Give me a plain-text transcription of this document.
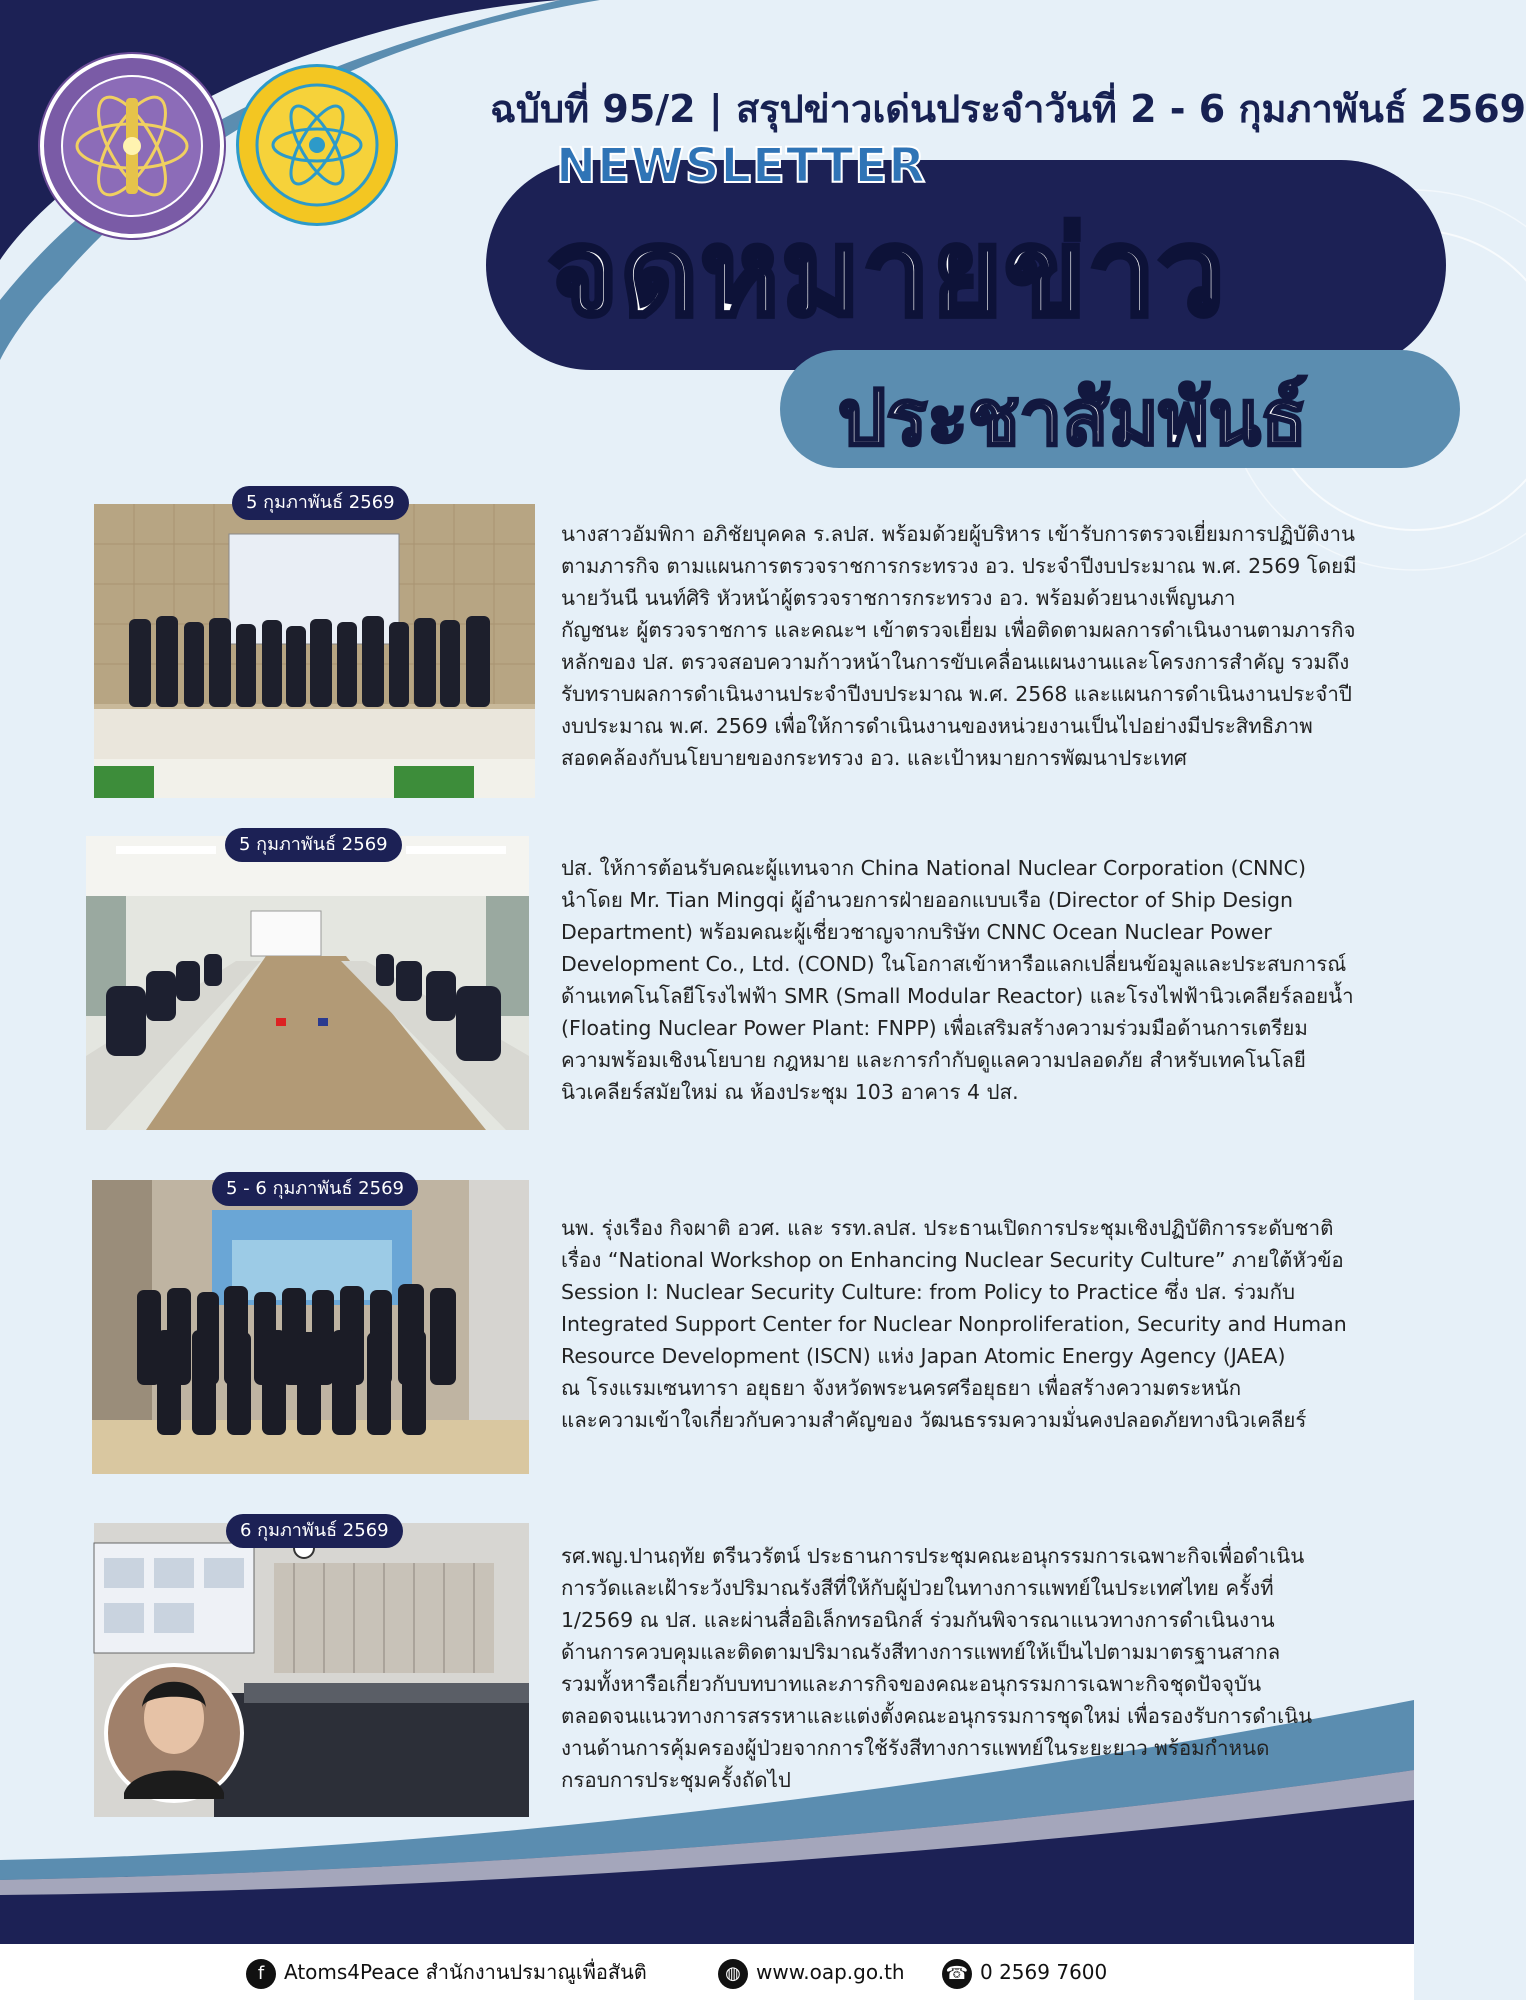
ฉบับที่ 95/2 | สรุปข่าวเด่นประจำวันที่ 2 - 6 กุมภาพันธ์ 2569
NEWSLETTER
จดหมายข่าว
ประชาสัมพันธ์
5 กุมภาพันธ์ 2569
นางสาวอัมพิกา อภิชัยบุคคล ร.ลปส. พร้อมด้วยผู้บริหาร เข้ารับการตรวจเยี่ยมการปฏิบัติงาน
ตามภารกิจ ตามแผนการตรวจราชการกระทรวง อว. ประจำปีงบประมาณ พ.ศ. 2569 โดยมี
นายวันนี นนท์ศิริ หัวหน้าผู้ตรวจราชการกระทรวง อว. พร้อมด้วยนางเพ็ญนภา
กัญชนะ ผู้ตรวจราชการ และคณะฯ เข้าตรวจเยี่ยม เพื่อติดตามผลการดำเนินงานตามภารกิจ
หลักของ ปส. ตรวจสอบความก้าวหน้าในการขับเคลื่อนแผนงานและโครงการสำคัญ รวมถึง
รับทราบผลการดำเนินงานประจำปีงบประมาณ พ.ศ. 2568 และแผนการดำเนินงานประจำปี
งบประมาณ พ.ศ. 2569 เพื่อให้การดำเนินงานของหน่วยงานเป็นไปอย่างมีประสิทธิภาพ
สอดคล้องกับนโยบายของกระทรวง อว. และเป้าหมายการพัฒนาประเทศ
5 กุมภาพันธ์ 2569
ปส. ให้การต้อนรับคณะผู้แทนจาก China National Nuclear Corporation (CNNC)
นำโดย Mr. Tian Mingqi ผู้อำนวยการฝ่ายออกแบบเรือ (Director of Ship Design
Department) พร้อมคณะผู้เชี่ยวชาญจากบริษัท CNNC Ocean Nuclear Power
Development Co., Ltd. (COND) ในโอกาสเข้าหารือแลกเปลี่ยนข้อมูลและประสบการณ์
ด้านเทคโนโลยีโรงไฟฟ้า SMR (Small Modular Reactor) และโรงไฟฟ้านิวเคลียร์ลอยน้ำ
(Floating Nuclear Power Plant: FNPP) เพื่อเสริมสร้างความร่วมมือด้านการเตรียม
ความพร้อมเชิงนโยบาย กฎหมาย และการกำกับดูแลความปลอดภัย สำหรับเทคโนโลยี
นิวเคลียร์สมัยใหม่ ณ ห้องประชุม 103 อาคาร 4 ปส.
5 - 6 กุมภาพันธ์ 2569
นพ. รุ่งเรือง กิจผาติ อวศ. และ รรท.ลปส. ประธานเปิดการประชุมเชิงปฏิบัติการระดับชาติ
เรื่อง “National Workshop on Enhancing Nuclear Security Culture” ภายใต้หัวข้อ
Session I: Nuclear Security Culture: from Policy to Practice ซึ่ง ปส. ร่วมกับ
Integrated Support Center for Nuclear Nonproliferation, Security and Human
Resource Development (ISCN) แห่ง Japan Atomic Energy Agency (JAEA)
ณ โรงแรมเซนทารา อยุธยา จังหวัดพระนครศรีอยุธยา เพื่อสร้างความตระหนัก
และความเข้าใจเกี่ยวกับความสำคัญของ วัฒนธรรมความมั่นคงปลอดภัยทางนิวเคลียร์
6 กุมภาพันธ์ 2569
รศ.พญ.ปานฤทัย ตรีนวรัตน์ ประธานการประชุมคณะอนุกรรมการเฉพาะกิจเพื่อดำเนิน
การวัดและเฝ้าระวังปริมาณรังสีที่ให้กับผู้ป่วยในทางการแพทย์ในประเทศไทย ครั้งที่
1/2569 ณ ปส. และผ่านสื่ออิเล็กทรอนิกส์ ร่วมกันพิจารณาแนวทางการดำเนินงาน
ด้านการควบคุมและติดตามปริมาณรังสีทางการแพทย์ให้เป็นไปตามมาตรฐานสากล
รวมทั้งหารือเกี่ยวกับบทบาทและภารกิจของคณะอนุกรรมการเฉพาะกิจชุดปัจจุบัน
ตลอดจนแนวทางการสรรหาและแต่งตั้งคณะอนุกรรมการชุดใหม่ เพื่อรองรับการดำเนิน
งานด้านการคุ้มครองผู้ป่วยจากการใช้รังสีทางการแพทย์ในระยะยาว พร้อมกำหนด
กรอบการประชุมครั้งถัดไป
f Atoms4Peace สำนักงานปรมาณูเพื่อสันติ	◍ www.oap.go.th ☎ 0 2569 7600
